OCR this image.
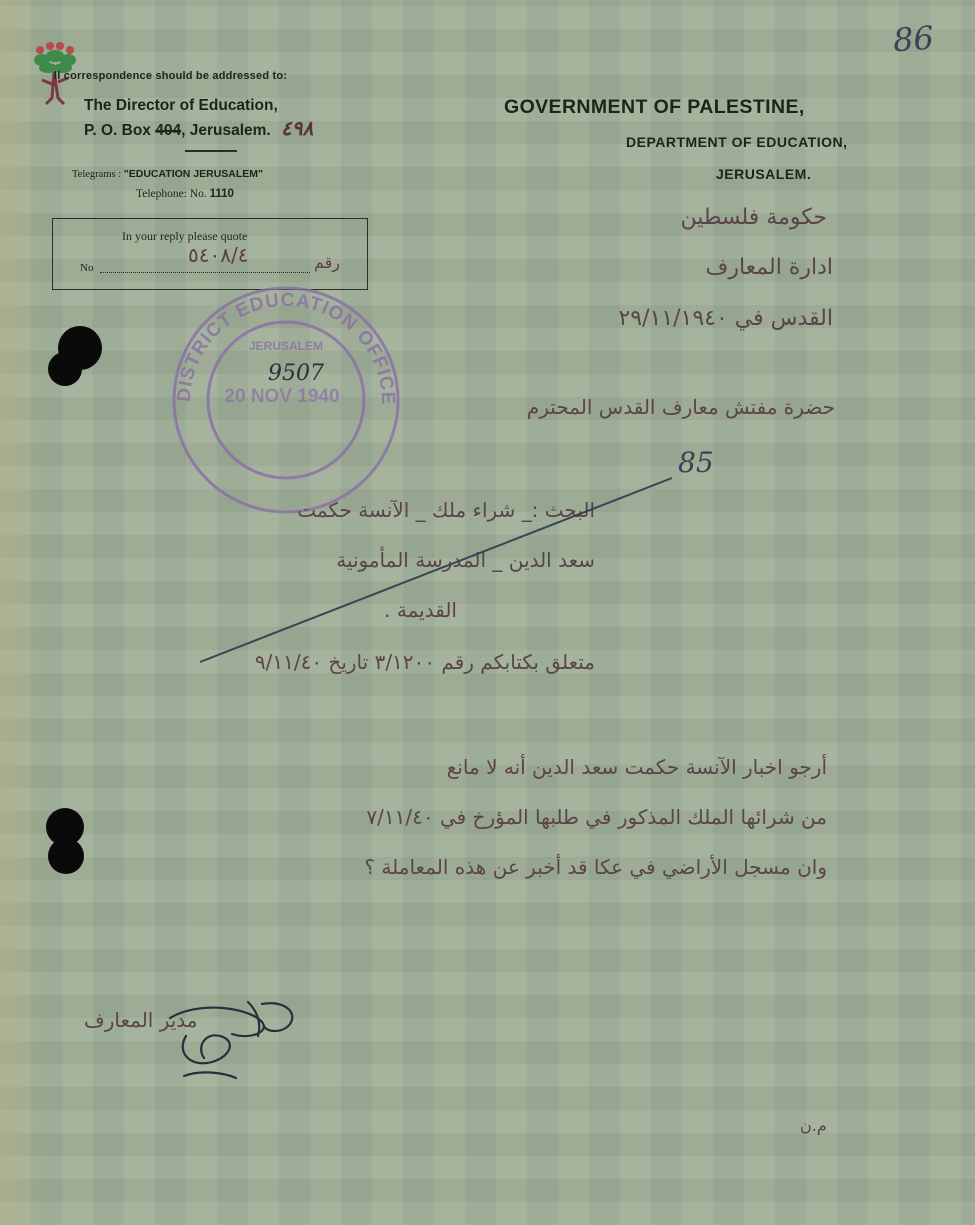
86
ll correspondence should be addressed to:
The Director of Education,
P. O. Box 404, Jerusalem. ٤٩٨
Telegrams : "EDUCATION JERUSALEM"
Telephone: No. 1110
In your reply please quote
No
٥٤٠٨/٤	رقم
GOVERNMENT OF PALESTINE,
DEPARTMENT OF EDUCATION,
JERUSALEM.
DISTRICT EDUCATION OFFICE
JERUSALEM
20 NOV 1940
9507
حكومة فلسطين
ادارة المعارف
القدس في ٢٩/١١/١٩٤٠
حضرة مفتش معارف القدس المحترم
85
البحث :_ شراء ملك _ الآنسة حكمت
سعد الدين _ المدرسة المأمونية
القديمة .
متعلق بكتابكم رقم ٣/١٢٠٠ تاريخ ٩/١١/٤٠
أرجو اخبار الآنسة حكمت سعد الدين أنه لا مانع
من شرائها الملك المذكور في طلبها المؤرخ في ٧/١١/٤٠
وان مسجل الأراضي في عكا قد أخبر عن هذه المعاملة ؟
مدير المعارف
م.ن
